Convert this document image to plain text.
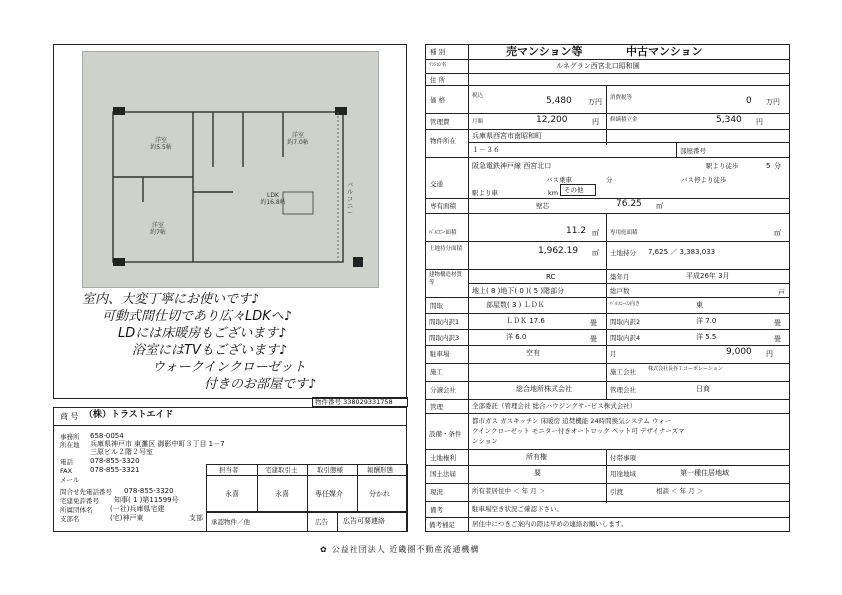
洋室
約5.5帖
洋室
約7.0帖
洋室
約7帖
LDK
約16.8帖
バルコニー
室内、大変丁寧にお使いです♪
可動式間仕切であり広々LDKへ♪
LDには床暖房もございます♪
浴室にはTVもございます♪
ウォークインクローゼット
付きのお部屋です♪
物件番号 338029331758
商 号 （株）トラストエイド
事務所 658-0054
所在地 兵庫県神戸市 東灘区 御影中町３丁目 1－7
三原ビル２階２号室
電話 078-855-3320
FAX	078-855-3321
メール
問合せ先電話番号 078-855-3320
宅建免許番号 知事( 1 )第11599号
所属団体名	(一社)兵庫県宅建
支部名	(宅)神戸東	支部
担当者	宅建取引士	取引態様	報酬形態
永喜	永喜	専任媒介	分かれ
承認物件／他	広告 広告可要連絡
種 別	売マンション等	中古マンション
ﾏﾝｼｮﾝ名	ルネグラン西宮北口昭和園
住 所
価 格	税込	5,480 万円 消費税等	0 万円
管理費	月額	12,200	円 修繕積立金	5,340 円
物件所在
兵庫県西宮市南昭和町
１－３６	部屋番号
交通
阪急電鉄神戸線 西宮北口	駅より徒歩	5 分
バス乗車	分	バス停より徒歩
駅より車	km その他
専有面積	壁芯	76.25 ㎡
ﾊﾞﾙｺﾆｰ面積	11.2 ㎡ 専用庭面積	㎡
土地持分面積	1,962.19 ㎡ 土地持分 7,625 ／ 3,383,033
建物構造材質等
RC	築年月	平成26年 3月
地上( 8 )地下( 0 )( 5 )階部分	総戸数	戸
間取	部屋数( 3 ) ＬＤＫ	ﾊﾞﾙｺﾆｰの向き	東
間取内訳1	ＬＤＫ 17.6	畳 間取内訳2	洋 7.0	畳
間取内訳3	洋 6.0	畳 間取内訳4	洋 5.5	畳
駐車場	空有	月	9,000 円
施工	施工会社 株式会社長谷工コーポレーション
分譲会社	総合地所株式会社	管理会社	日商
管理	全部委託（管理会社 総合ハウジングサービス株式会社）
設備・条件
都市ガス ガスキッチン 床暖房 追焚機能 24時間換気システム ウォー
クインクローゼット モニター付きオートロック ペット可 デザイナーズマ
ンション
土地権利	所有権	付帯事項
国土法届	要	用途地域	第一種住居地域
現況	所有者居住中 ＜ 年 月 ＞	引渡	相談 ＜ 年 月 ＞
備考	駐車場空き状況ご確認下さい。
備考補足	居住中につきご案内の際は早めの連絡お願いします。
✿ 公益社団法人 近畿圏不動産流通機構
